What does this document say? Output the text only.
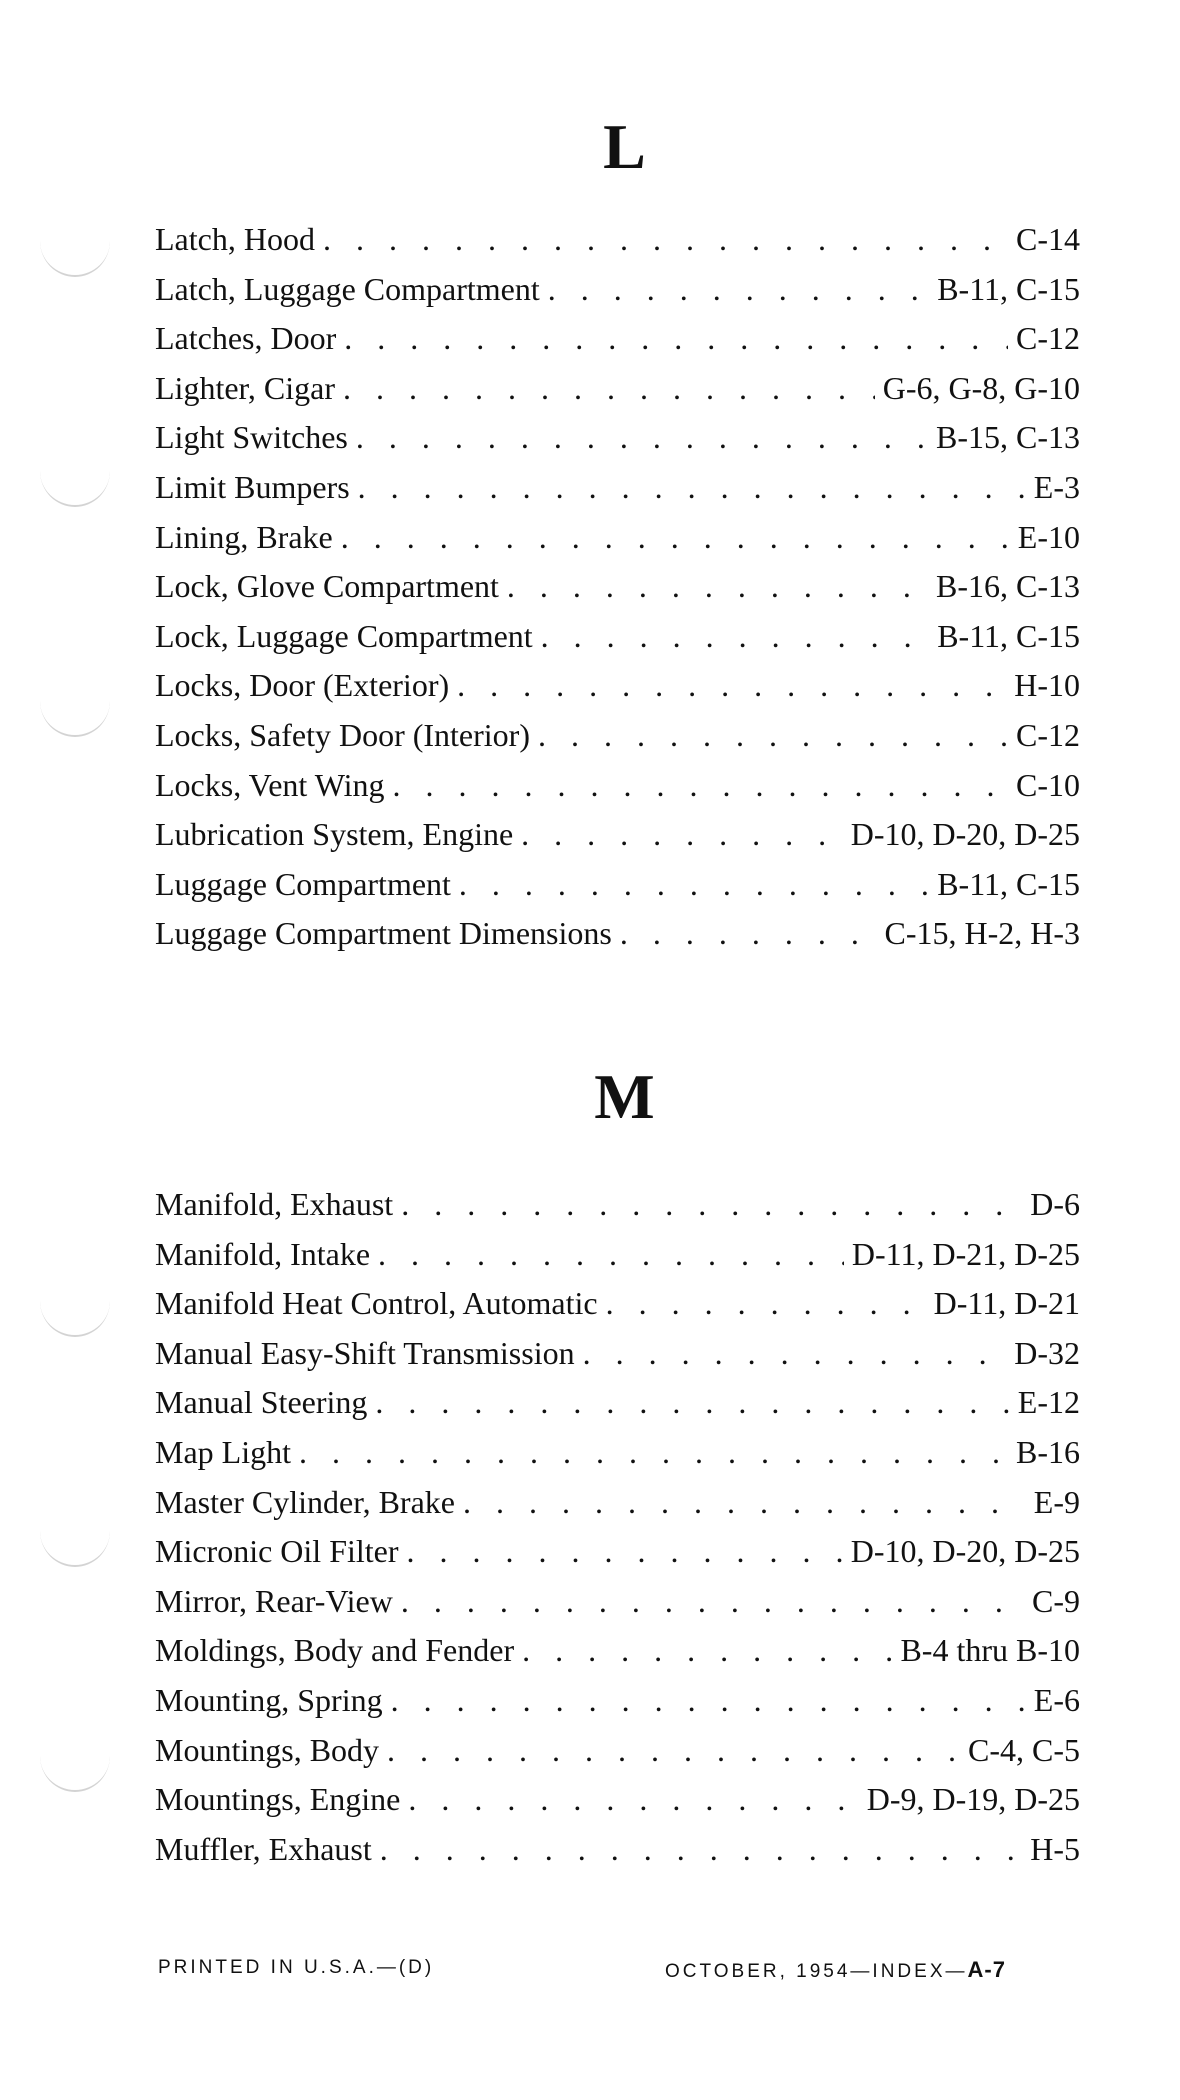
L
Latch, Hood . . .	C-14
Latch, Luggage Compartment . . .	B-11, C-15
Latches, Door . . .	C-12
Lighter, Cigar . . .	G-6, G-8, G-10
Light Switches . . .	B-15, C-13
Limit Bumpers . . .	E-3
Lining, Brake . . .	E-10
Lock, Glove Compartment . . .	B-16, C-13
Lock, Luggage Compartment . . .	B-11, C-15
Locks, Door (Exterior) . . .	H-10
Locks, Safety Door (Interior) . . .	C-12
Locks, Vent Wing . . .	C-10
Lubrication System, Engine . . .	D-10, D-20, D-25
Luggage Compartment . . .	B-11, C-15
Luggage Compartment Dimensions . . .	C-15, H-2, H-3
M
Manifold, Exhaust . . .	D-6
Manifold, Intake . . .	D-11, D-21, D-25
Manifold Heat Control, Automatic . . .	D-11, D-21
Manual Easy-Shift Transmission . . .	D-32
Manual Steering . . .	E-12
Map Light . . .	B-16
Master Cylinder, Brake . . .	E-9
Micronic Oil Filter . . .	D-10, D-20, D-25
Mirror, Rear-View . . .	C-9
Moldings, Body and Fender . . .	B-4 thru B-10
Mounting, Spring . . .	E-6
Mountings, Body . . .	C-4, C-5
Mountings, Engine . . .	D-9, D-19, D-25
Muffler, Exhaust . . .	H-5
PRINTED IN U.S.A.—(D)	OCTOBER, 1954—INDEX—A-7
